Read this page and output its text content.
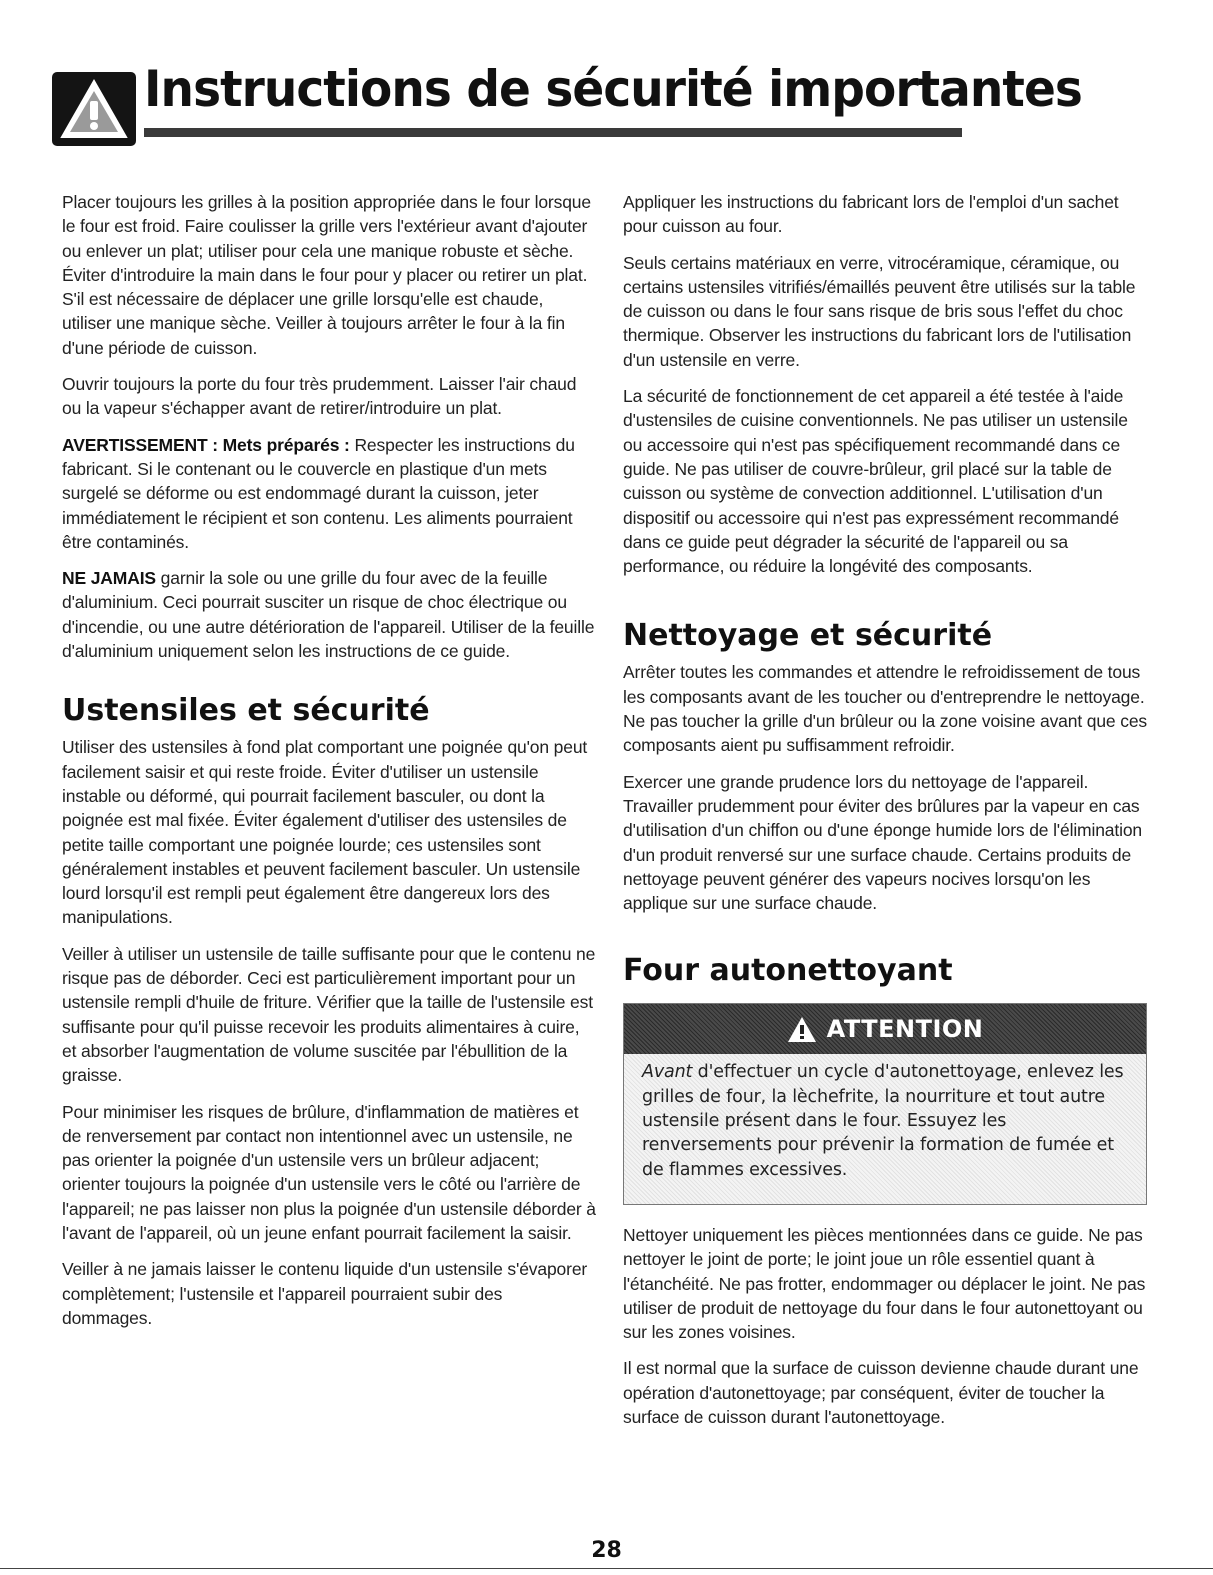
Instructions de sécurité importantes

Placer toujours les grilles à la position appropriée dans le four lorsque le four est froid. Faire coulisser la grille vers l'extérieur avant d'ajouter ou enlever un plat; utiliser pour cela une manique robuste et sèche. Éviter d'introduire la main dans le four pour y placer ou retirer un plat. S'il est nécessaire de déplacer une grille lorsqu'elle est chaude, utiliser une manique sèche. Veiller à toujours arrêter le four à la fin d'une période de cuisson.

Ouvrir toujours la porte du four très prudemment. Laisser l'air chaud ou la vapeur s'échapper avant de retirer/introduire un plat.

AVERTISSEMENT : Mets préparés : Respecter les instructions du fabricant. Si le contenant ou le couvercle en plastique d'un mets surgelé se déforme ou est endommagé durant la cuisson, jeter immédiatement le récipient et son contenu. Les aliments pourraient être contaminés.

NE JAMAIS garnir la sole ou une grille du four avec de la feuille d'aluminium. Ceci pourrait susciter un risque de choc électrique ou d'incendie, ou une autre détérioration de l'appareil. Utiliser de la feuille d'aluminium uniquement selon les instructions de ce guide.

Ustensiles et sécurité

Utiliser des ustensiles à fond plat comportant une poignée qu'on peut facilement saisir et qui reste froide. Éviter d'utiliser un ustensile instable ou déformé, qui pourrait facilement basculer, ou dont la poignée est mal fixée. Éviter également d'utiliser des ustensiles de petite taille comportant une poignée lourde; ces ustensiles sont généralement instables et peuvent facilement basculer. Un ustensile lourd lorsqu'il est rempli peut également être dangereux lors des manipulations.

Veiller à utiliser un ustensile de taille suffisante pour que le contenu ne risque pas de déborder. Ceci est particulièrement important pour un ustensile rempli d'huile de friture. Vérifier que la taille de l'ustensile est suffisante pour qu'il puisse recevoir les produits alimentaires à cuire, et absorber l'augmentation de volume suscitée par l'ébullition de la graisse.

Pour minimiser les risques de brûlure, d'inflammation de matières et de renversement par contact non intentionnel avec un ustensile, ne pas orienter la poignée d'un ustensile vers un brûleur adjacent; orienter toujours la poignée d'un ustensile vers le côté ou l'arrière de l'appareil; ne pas laisser non plus la poignée d'un ustensile déborder à l'avant de l'appareil, où un jeune enfant pourrait facilement la saisir.

Veiller à ne jamais laisser le contenu liquide d'un ustensile s'évaporer complètement; l'ustensile et l'appareil pourraient subir des dommages.

Appliquer les instructions du fabricant lors de l'emploi d'un sachet pour cuisson au four.

Seuls certains matériaux en verre, vitrocéramique, céramique, ou certains ustensiles vitrifiés/émaillés peuvent être utilisés sur la table de cuisson ou dans le four sans risque de bris sous l'effet du choc thermique. Observer les instructions du fabricant lors de l'utilisation d'un ustensile en verre.

La sécurité de fonctionnement de cet appareil a été testée à l'aide d'ustensiles de cuisine conventionnels. Ne pas utiliser un ustensile ou accessoire qui n'est pas spécifiquement recommandé dans ce guide. Ne pas utiliser de couvre-brûleur, gril placé sur la table de cuisson ou système de convection additionnel. L'utilisation d'un dispositif ou accessoire qui n'est pas expressément recommandé dans ce guide peut dégrader la sécurité de l'appareil ou sa performance, ou réduire la longévité des composants.

Nettoyage et sécurité

Arrêter toutes les commandes et attendre le refroidissement de tous les composants avant de les toucher ou d'entreprendre le nettoyage. Ne pas toucher la grille d'un brûleur ou la zone voisine avant que ces composants aient pu suffisamment refroidir.

Exercer une grande prudence lors du nettoyage de l'appareil. Travailler prudemment pour éviter des brûlures par la vapeur en cas d'utilisation d'un chiffon ou d'une éponge humide lors de l'élimination d'un produit renversé sur une surface chaude. Certains produits de nettoyage peuvent générer des vapeurs nocives lorsqu'on les applique sur une surface chaude.

Four autonettoyant
ATTENTION

Avant d'effectuer un cycle d'autonettoyage, enlevez les grilles de four, la lèchefrite, la nourriture et tout autre ustensile présent dans le four. Essuyez les renversements pour prévenir la formation de fumée et de flammes excessives.

Nettoyer uniquement les pièces mentionnées dans ce guide. Ne pas nettoyer le joint de porte; le joint joue un rôle essentiel quant à l'étanchéité. Ne pas frotter, endommager ou déplacer le joint. Ne pas utiliser de produit de nettoyage du four dans le four autonettoyant ou sur les zones voisines.

Il est normal que la surface de cuisson devienne chaude durant une opération d'autonettoyage; par conséquent, éviter de toucher la surface de cuisson durant l'autonettoyage.

28
